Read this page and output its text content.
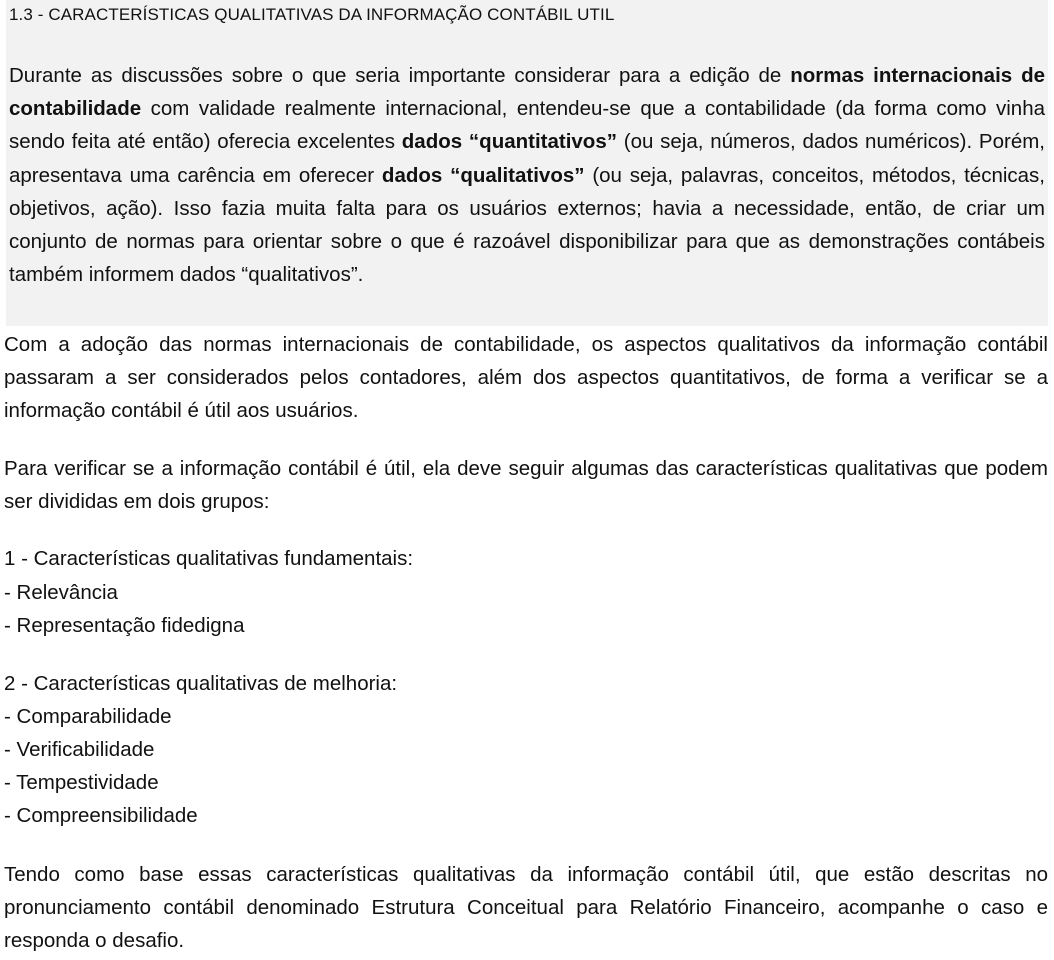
1.3 - CARACTERÍSTICAS QUALITATIVAS DA INFORMAÇÃO CONTÁBIL UTIL

Durante as discussões sobre o que seria importante considerar para a edição de normas internacionais de contabilidade com validade realmente internacional, entendeu-se que a contabilidade (da forma como vinha sendo feita até então) oferecia excelentes dados “quantitativos” (ou seja, números, dados numéricos). Porém, apresentava uma carência em oferecer dados “qualitativos” (ou seja, palavras, conceitos, métodos, técnicas, objetivos, ação). Isso fazia muita falta para os usuários externos; havia a necessidade, então, de criar um conjunto de normas para orientar sobre o que é razoável disponibilizar para que as demonstrações contábeis também informem dados “qualitativos”.

Com a adoção das normas internacionais de contabilidade, os aspectos qualitativos da informação contábil passaram a ser considerados pelos contadores, além dos aspectos quantitativos, de forma a verificar se a informação contábil é útil aos usuários.

Para verificar se a informação contábil é útil, ela deve seguir algumas das características qualitativas que podem ser divididas em dois grupos:

1 - Características qualitativas fundamentais:

- Relevância

- Representação fidedigna

2 - Características qualitativas de melhoria:

- Comparabilidade

- Verificabilidade

- Tempestividade

- Compreensibilidade

Tendo como base essas características qualitativas da informação contábil útil, que estão descritas no pronunciamento contábil denominado Estrutura Conceitual para Relatório Financeiro, acompanhe o caso e responda o desafio.
